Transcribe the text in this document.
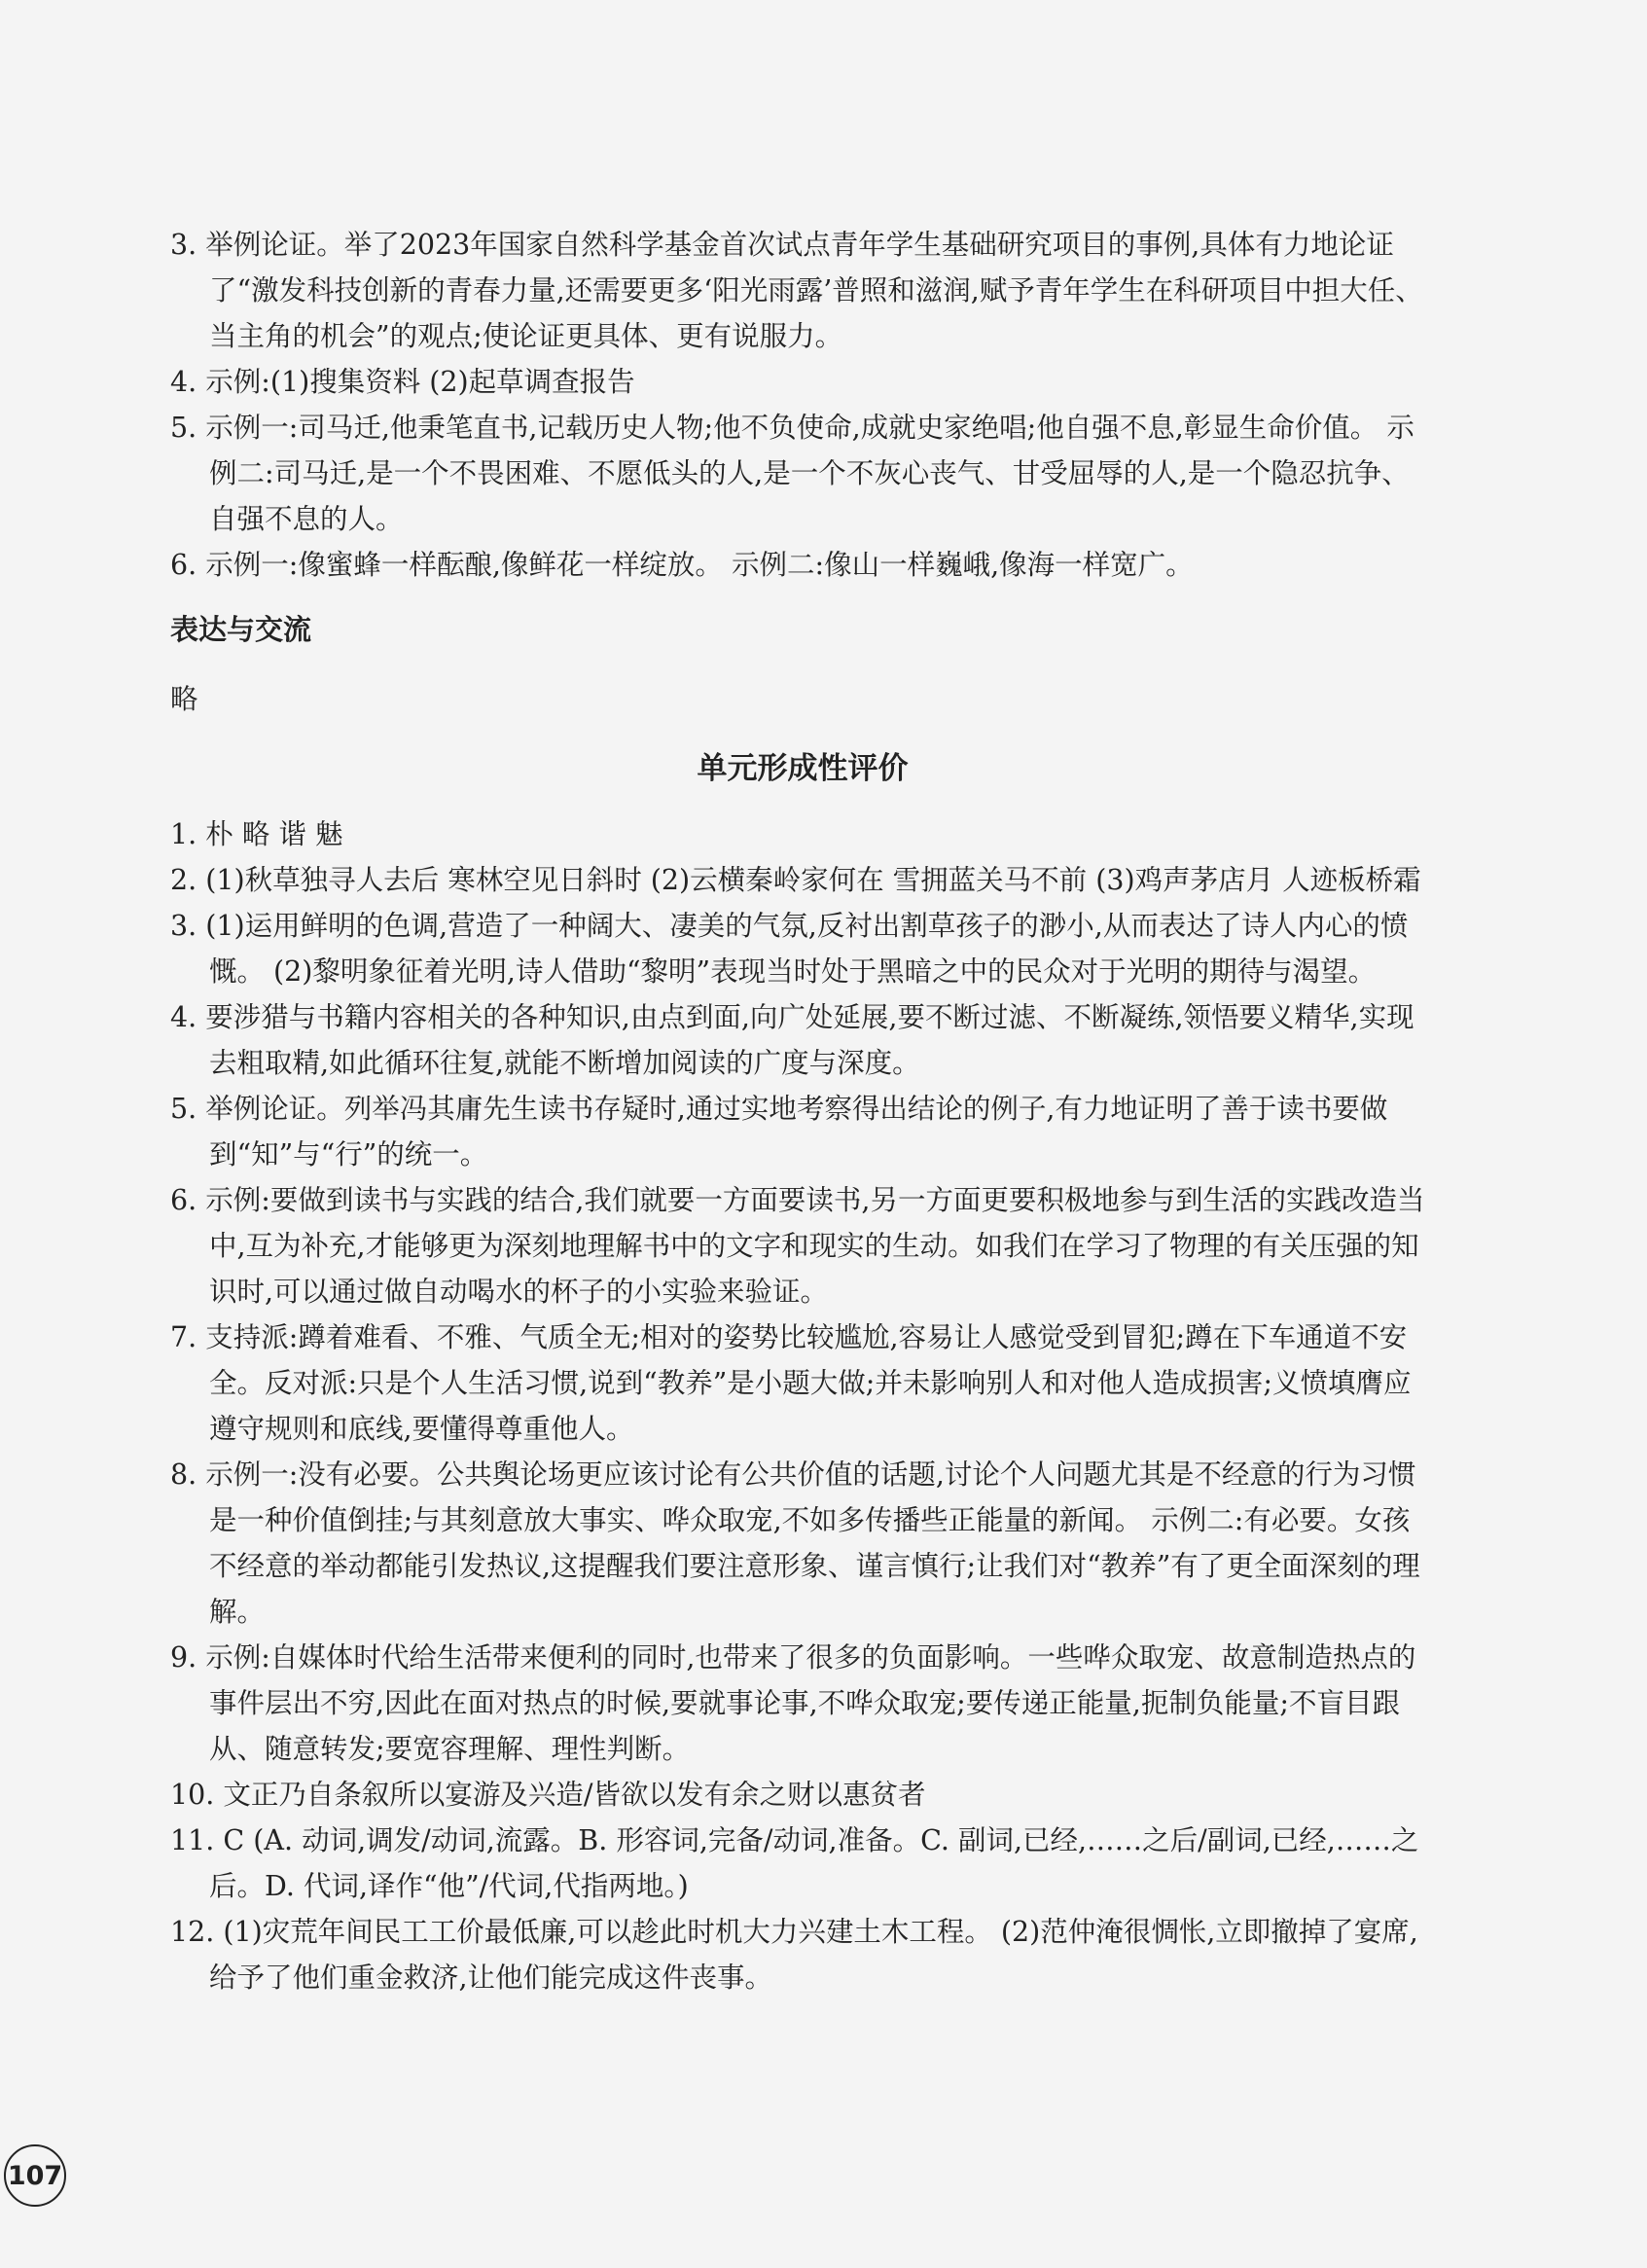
3. 举例论证。举了2023年国家自然科学基金首次试点青年学生基础研究项目的事例,具体有力地论证了“激发科技创新的青春力量,还需要更多‘阳光雨露’普照和滋润,赋予青年学生在科研项目中担大任、当主角的机会”的观点;使论证更具体、更有说服力。

4. 示例:(1)搜集资料 (2)起草调查报告

5. 示例一:司马迁,他秉笔直书,记载历史人物;他不负使命,成就史家绝唱;他自强不息,彰显生命价值。 示例二:司马迁,是一个不畏困难、不愿低头的人,是一个不灰心丧气、甘受屈辱的人,是一个隐忍抗争、自强不息的人。

6. 示例一:像蜜蜂一样酝酿,像鲜花一样绽放。 示例二:像山一样巍峨,像海一样宽广。

表达与交流

略

单元形成性评价

1. 朴 略 谐 魅

2. (1)秋草独寻人去后 寒林空见日斜时 (2)云横秦岭家何在 雪拥蓝关马不前 (3)鸡声茅店月 人迹板桥霜

3. (1)运用鲜明的色调,营造了一种阔大、凄美的气氛,反衬出割草孩子的渺小,从而表达了诗人内心的愤慨。 (2)黎明象征着光明,诗人借助“黎明”表现当时处于黑暗之中的民众对于光明的期待与渴望。

4. 要涉猎与书籍内容相关的各种知识,由点到面,向广处延展,要不断过滤、不断凝练,领悟要义精华,实现去粗取精,如此循环往复,就能不断增加阅读的广度与深度。

5. 举例论证。列举冯其庸先生读书存疑时,通过实地考察得出结论的例子,有力地证明了善于读书要做到“知”与“行”的统一。

6. 示例:要做到读书与实践的结合,我们就要一方面要读书,另一方面更要积极地参与到生活的实践改造当中,互为补充,才能够更为深刻地理解书中的文字和现实的生动。如我们在学习了物理的有关压强的知识时,可以通过做自动喝水的杯子的小实验来验证。

7. 支持派:蹲着难看、不雅、气质全无;相对的姿势比较尴尬,容易让人感觉受到冒犯;蹲在下车通道不安全。反对派:只是个人生活习惯,说到“教养”是小题大做;并未影响别人和对他人造成损害;义愤填膺应遵守规则和底线,要懂得尊重他人。

8. 示例一:没有必要。公共舆论场更应该讨论有公共价值的话题,讨论个人问题尤其是不经意的行为习惯是一种价值倒挂;与其刻意放大事实、哗众取宠,不如多传播些正能量的新闻。 示例二:有必要。女孩不经意的举动都能引发热议,这提醒我们要注意形象、谨言慎行;让我们对“教养”有了更全面深刻的理解。

9. 示例:自媒体时代给生活带来便利的同时,也带来了很多的负面影响。一些哗众取宠、故意制造热点的事件层出不穷,因此在面对热点的时候,要就事论事,不哗众取宠;要传递正能量,扼制负能量;不盲目跟从、随意转发;要宽容理解、理性判断。

10. 文正乃自条叙所以宴游及兴造/皆欲以发有余之财以惠贫者

11. C (A. 动词,调发/动词,流露。B. 形容词,完备/动词,准备。C. 副词,已经,……之后/副词,已经,……之后。D. 代词,译作“他”/代词,代指两地。)

12. (1)灾荒年间民工工价最低廉,可以趁此时机大力兴建土木工程。 (2)范仲淹很惆怅,立即撤掉了宴席,给予了他们重金救济,让他们能完成这件丧事。

107
